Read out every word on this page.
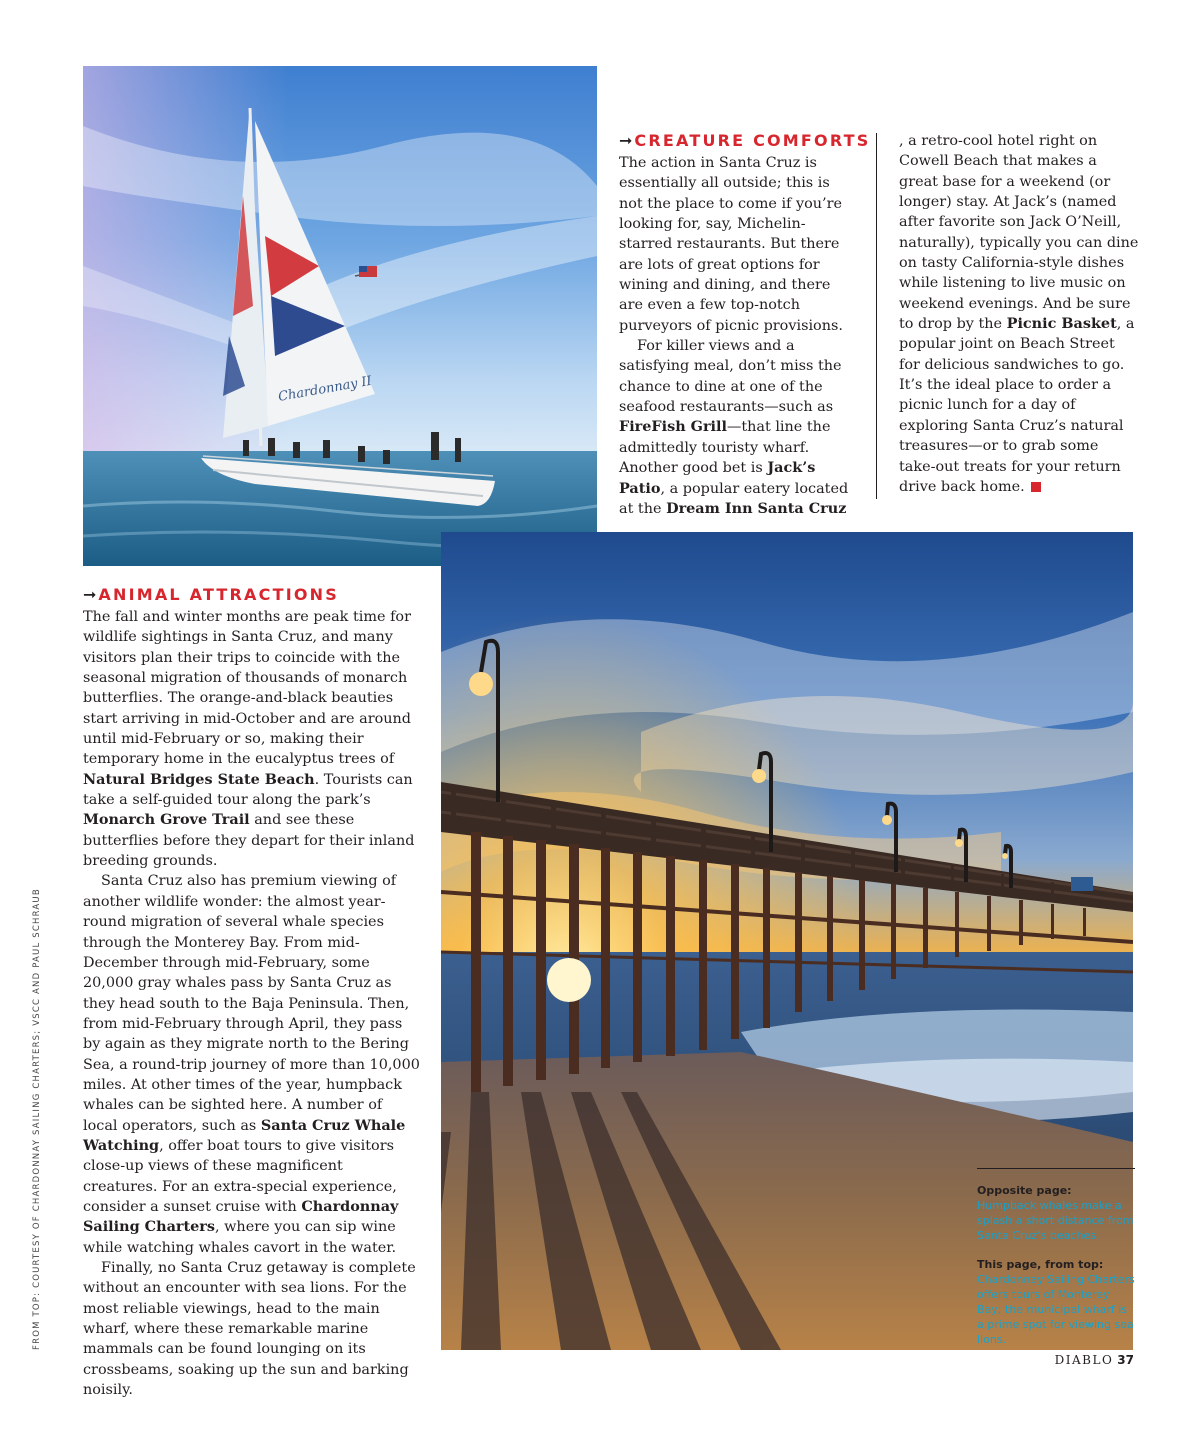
Chardonnay II
FROM TOP: COURTESY OF CHARDONNAY SAILING CHARTERS; VSCC AND PAUL SCHRAUB
➞ CREATURE COMFORTS

The action in Santa Cruz is essentially all outside; this is not the place to come if you’re looking for, say, Michelin-starred restaurants. But there are lots of great options for wining and dining, and there are even a few top-notch purveyors of picnic provisions.

For killer views and a satisfying meal, don’t miss the chance to dine at one of the seafood restaurants—such as FireFish Grill—that line the admittedly touristy wharf. Another good bet is Jack’s Patio, a popular eatery located at the Dream Inn Santa Cruz

, a retro-cool hotel right on Cowell Beach that makes a great base for a weekend (or longer) stay. At Jack’s (named after favorite son Jack O’Neill, naturally), typically you can dine on tasty California-style dishes while listening to live music on weekend evenings. And be sure to drop by the Picnic Basket, a popular joint on Beach Street for delicious sandwiches to go. It’s the ideal place to order a picnic lunch for a day of exploring Santa Cruz’s natural treasures—or to grab some take-out treats for your return drive back home.

➞ ANIMAL ATTRACTIONS

The fall and winter months are peak time for wildlife sightings in Santa Cruz, and many visitors plan their trips to coincide with the seasonal migration of thousands of monarch butterflies. The orange-and-black beauties start arriving in mid-October and are around until mid-February or so, making their temporary home in the eucalyptus trees of Natural Bridges State Beach. Tourists can take a self-guided tour along the park’s Monarch Grove Trail and see these butterflies before they depart for their inland breeding grounds.

Santa Cruz also has premium viewing of another wildlife wonder: the almost year-round migration of several whale species through the Monterey Bay. From mid-December through mid-February, some 20,000 gray whales pass by Santa Cruz as they head south to the Baja Peninsula. Then, from mid-February through April, they pass by again as they migrate north to the Bering Sea, a round-trip journey of more than 10,000 miles. At other times of the year, humpback whales can be sighted here. A number of local operators, such as Santa Cruz Whale Watching, offer boat tours to give visitors close-up views of these magnificent creatures. For an extra-special experience, consider a sunset cruise with Chardonnay Sailing Charters, where you can sip wine while watching whales cavort in the water.

Finally, no Santa Cruz getaway is complete without an encounter with sea lions. For the most reliable viewings, head to the main wharf, where these remarkable marine mammals can be found lounging on its crossbeams, soaking up the sun and barking noisily.

Opposite page:
Humpback whales make a splash a short distance from Santa Cruz’s beaches.
This page, from top:
Chardonnay Sailing Charters offers tours of Monterey Bay; the municipal wharf is a prime spot for viewing sea lions.
DIABLO 37
